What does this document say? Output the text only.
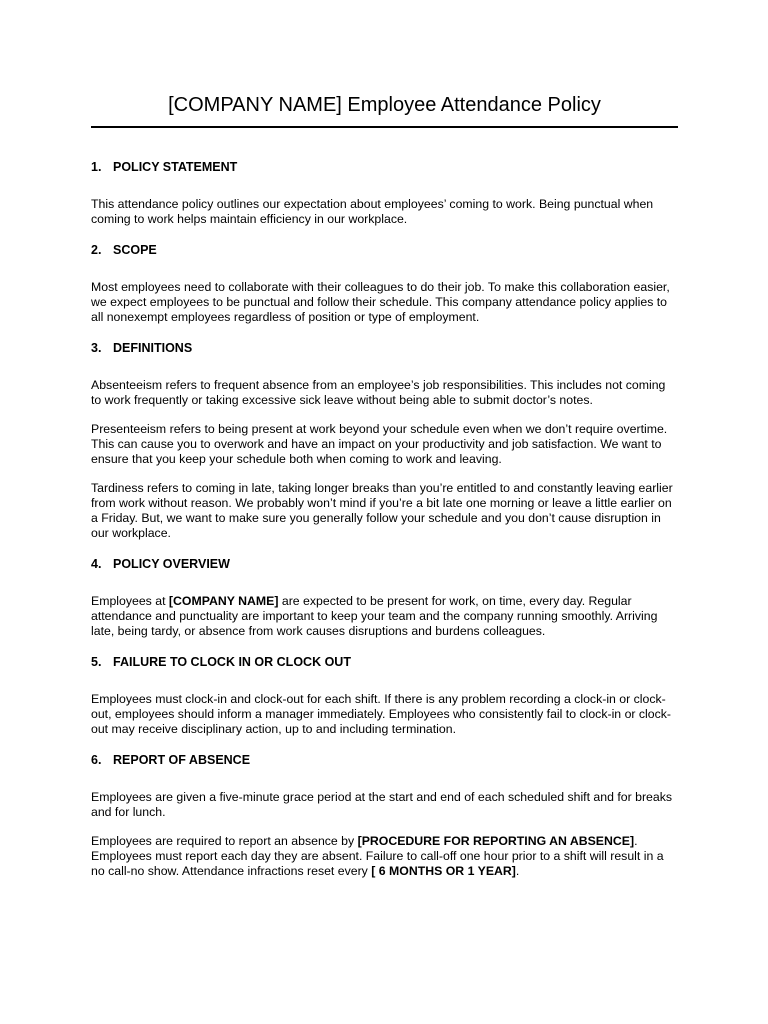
[COMPANY NAME] Employee Attendance Policy
1. POLICY STATEMENT

This attendance policy outlines our expectation about employees’ coming to work. Being punctual when coming to work helps maintain efficiency in our workplace.

2. SCOPE

Most employees need to collaborate with their colleagues to do their job. To make this collaboration easier, we expect employees to be punctual and follow their schedule. This company attendance policy applies to all nonexempt employees regardless of position or type of employment.

3. DEFINITIONS

Absenteeism refers to frequent absence from an employee’s job responsibilities. This includes not coming to work frequently or taking excessive sick leave without being able to submit doctor’s notes.

Presenteeism refers to being present at work beyond your schedule even when we don’t require overtime. This can cause you to overwork and have an impact on your productivity and job satisfaction. We want to ensure that you keep your schedule both when coming to work and leaving.

Tardiness refers to coming in late, taking longer breaks than you’re entitled to and constantly leaving earlier from work without reason. We probably won’t mind if you’re a bit late one morning or leave a little earlier on a Friday. But, we want to make sure you generally follow your schedule and you don’t cause disruption in our workplace.

4. POLICY OVERVIEW

Employees at [COMPANY NAME] are expected to be present for work, on time, every day. Regular attendance and punctuality are important to keep your team and the company running smoothly. Arriving late, being tardy, or absence from work causes disruptions and burdens colleagues.

5. FAILURE TO CLOCK IN OR CLOCK OUT

Employees must clock-in and clock-out for each shift. If there is any problem recording a clock-in or clock-out, employees should inform a manager immediately. Employees who consistently fail to clock-in or clock-out may receive disciplinary action, up to and including termination.

6. REPORT OF ABSENCE

Employees are given a five-minute grace period at the start and end of each scheduled shift and for breaks and for lunch.

Employees are required to report an absence by [PROCEDURE FOR REPORTING AN ABSENCE]. Employees must report each day they are absent. Failure to call-off one hour prior to a shift will result in a no call-no show. Attendance infractions reset every [ 6 MONTHS OR 1 YEAR].
